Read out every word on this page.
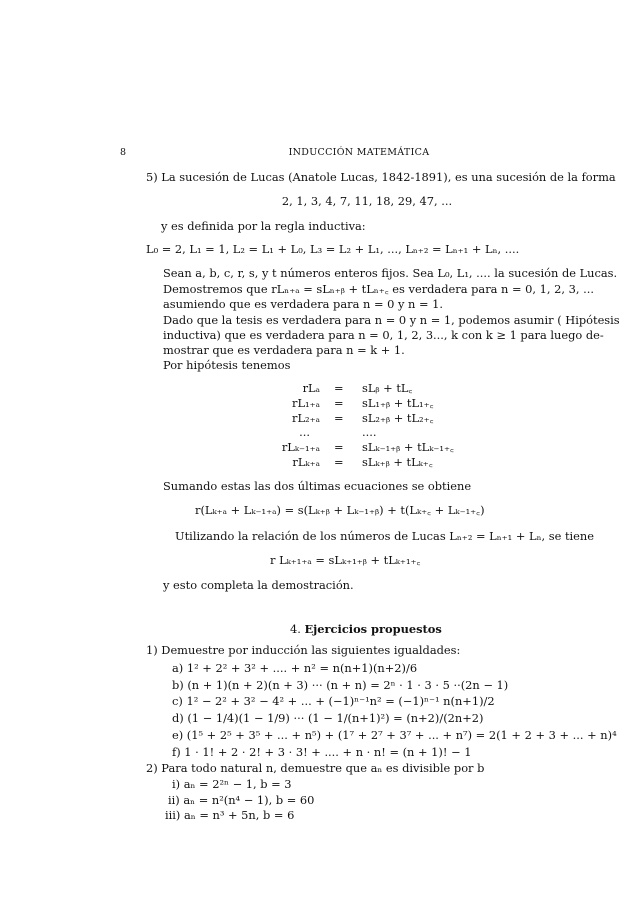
8	INDUCCIÓN MATEMÁTICA
5) La sucesión de Lucas (Anatole Lucas, 1842-1891), es una sucesión de la forma
2, 1, 3, 4, 7, 11, 18, 29, 47, ...
y es definida por la regla inductiva:
L₀ = 2, L₁ = 1, L₂ = L₁ + L₀, L₃ = L₂ + L₁, ..., Lₙ₊₂ = Lₙ₊₁ + Lₙ, ....
Sean a, b, c, r, s, y t números enteros fijos. Sea L₀, L₁, .... la sucesión de Lucas.
Demostremos que rLₙ₊ₐ = sLₙ₊ᵦ + tLₙ₊꜀ es verdadera para n = 0, 1, 2, 3, ...
asumiendo que es verdadera para n = 0 y n = 1.
Dado que la tesis es verdadera para n = 0 y n = 1, podemos asumir ( Hipótesis
inductiva) que es verdadera para n = 0, 1, 2, 3..., k con k ≥ 1 para luego de-
mostrar que es verdadera para n = k + 1.
Por hipótesis tenemos
rLₐ = sLᵦ + tL꜀
rL₁₊ₐ = sL₁₊ᵦ + tL₁₊꜀
rL₂₊ₐ = sL₂₊ᵦ + tL₂₊꜀
...	....
rLₖ₋₁₊ₐ = sLₖ₋₁₊ᵦ + tLₖ₋₁₊꜀
rLₖ₊ₐ = sLₖ₊ᵦ + tLₖ₊꜀
Sumando estas las dos últimas ecuaciones se obtiene
r(Lₖ₊ₐ + Lₖ₋₁₊ₐ) = s(Lₖ₊ᵦ + Lₖ₋₁₊ᵦ) + t(Lₖ₊꜀ + Lₖ₋₁₊꜀)
Utilizando la relación de los números de Lucas Lₙ₊₂ = Lₙ₊₁ + Lₙ, se tiene
r Lₖ₊₁₊ₐ = sLₖ₊₁₊ᵦ + tLₖ₊₁₊꜀
y esto completa la demostración.
4. Ejercicios propuestos
1) Demuestre por inducción las siguientes igualdades:
a) 1² + 2² + 3² + .... + n² = n(n+1)(n+2)/6
b) (n + 1)(n + 2)(n + 3) ··· (n + n) = 2ⁿ · 1 · 3 · 5 ··(2n − 1)
c) 1² − 2² + 3² − 4² + ... + (−1)ⁿ⁻¹n² = (−1)ⁿ⁻¹ n(n+1)/2
d) (1 − 1/4)(1 − 1/9) ··· (1 − 1/(n+1)²) = (n+2)/(2n+2)
e) (1⁵ + 2⁵ + 3⁵ + ... + n⁵) + (1⁷ + 2⁷ + 3⁷ + ... + n⁷) = 2(1 + 2 + 3 + ... + n)⁴
f) 1 · 1! + 2 · 2! + 3 · 3! + .... + n · n! = (n + 1)! − 1
2) Para todo natural n, demuestre que aₙ es divisible por b
i) aₙ = 2²ⁿ − 1, b = 3
ii) aₙ = n²(n⁴ − 1), b = 60
iii) aₙ = n³ + 5n, b = 6
